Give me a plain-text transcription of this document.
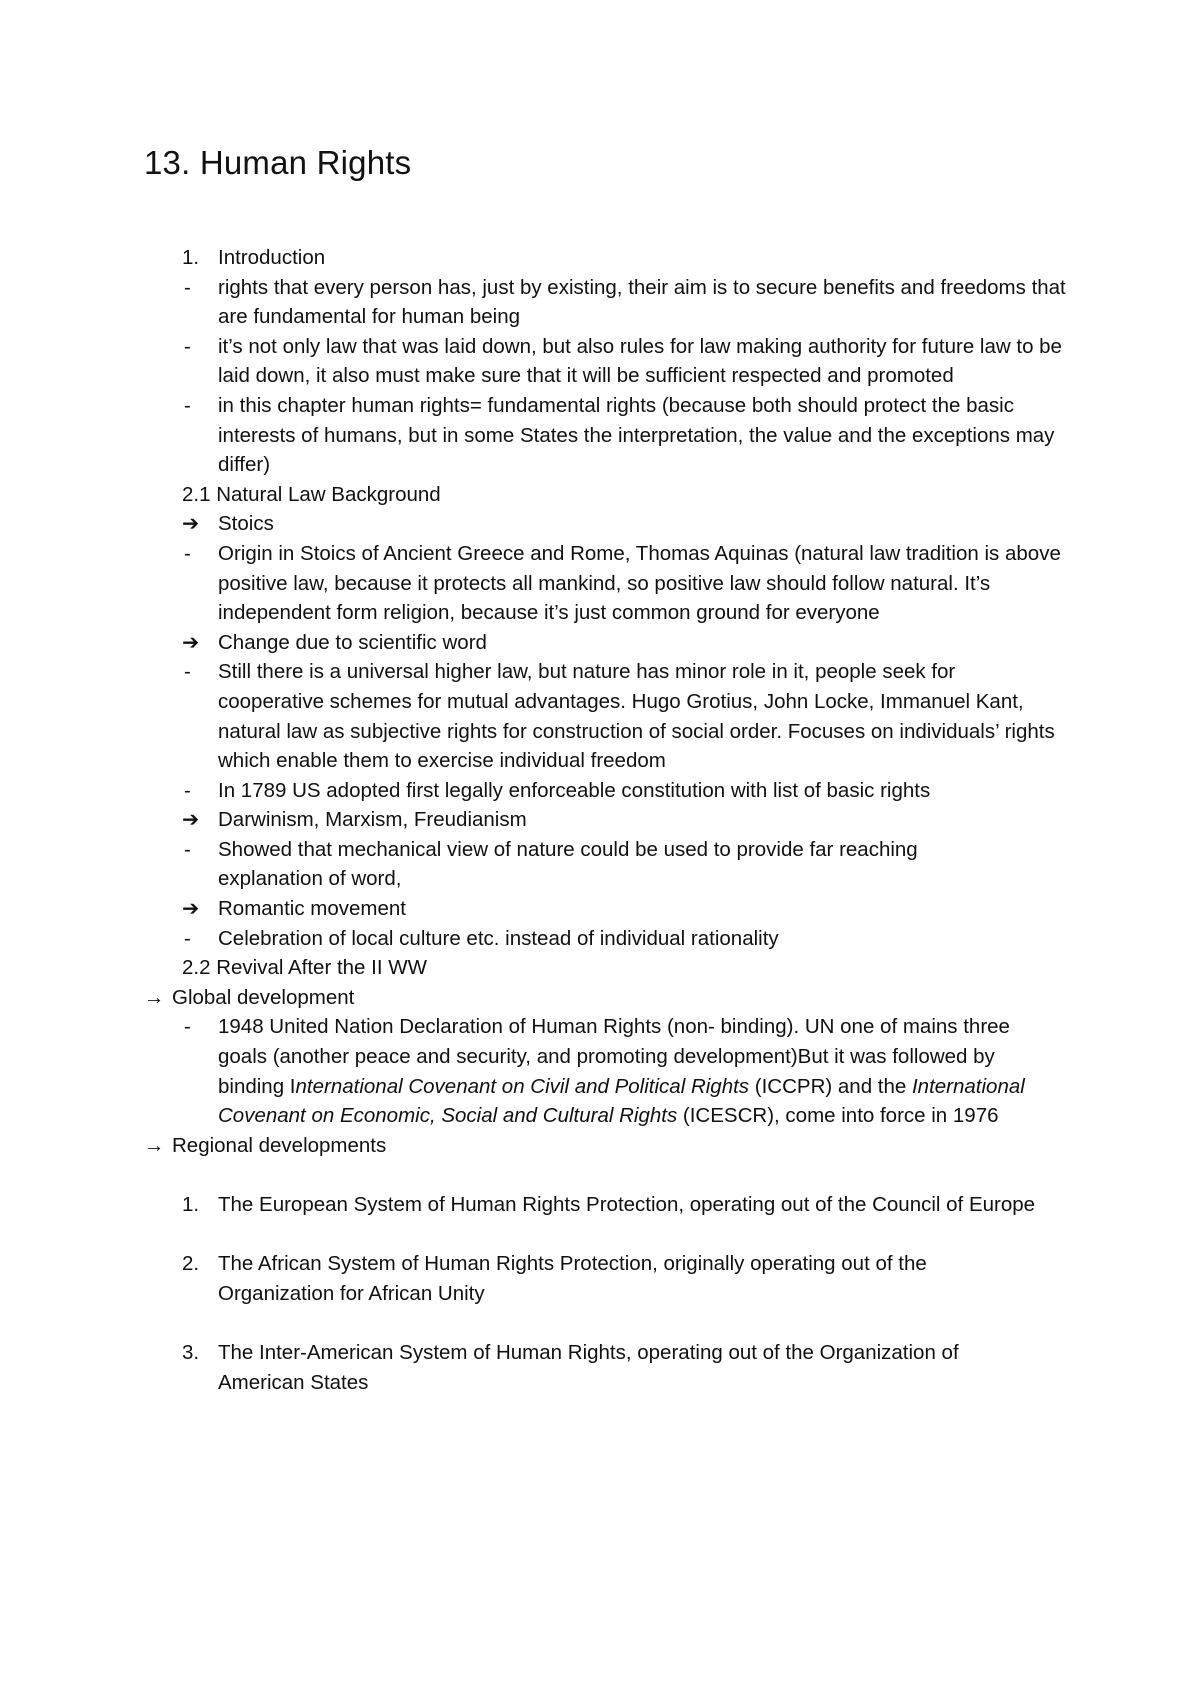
13. Human Rights
1. Introduction
- rights that every person has, just by existing, their aim is to secure benefits and freedoms that are fundamental for human being
- it’s not only law that was laid down, but also rules for law making authority for future law to be laid down, it also must make sure that it will be sufficient respected and promoted
- in this chapter human rights= fundamental rights (because both should protect the basic interests of humans, but in some States the interpretation, the value and the exceptions may differ)
2.1 Natural Law Background
➔ Stoics
- Origin in Stoics of Ancient Greece and Rome, Thomas Aquinas (natural law tradition is above positive law, because it protects all mankind, so positive law should follow natural. It’s independent form religion, because it’s just common ground for everyone
➔ Change due to scientific word
- Still there is a universal higher law, but nature has minor role in it, people seek for cooperative schemes for mutual advantages. Hugo Grotius, John Locke, Immanuel Kant, natural law as subjective rights for construction of social order. Focuses on individuals’ rights which enable them to exercise individual freedom
- In 1789 US adopted first legally enforceable constitution with list of basic rights
➔ Darwinism, Marxism, Freudianism
- Showed that mechanical view of nature could be used to provide far reaching explanation of word,
➔ Romantic movement
- Celebration of local culture etc. instead of individual rationality
2.2 Revival After the II WW
→ Global development
- 1948 United Nation Declaration of Human Rights (non- binding). UN one of mains three goals (another peace and security, and promoting development)But it was followed by binding International Covenant on Civil and Political Rights (ICCPR) and the International Covenant on Economic, Social and Cultural Rights (ICESCR), come into force in 1976
→ Regional developments
1. The European System of Human Rights Protection, operating out of the Council of Europe
2. The African System of Human Rights Protection, originally operating out of the Organization for African Unity
3. The Inter-American System of Human Rights, operating out of the Organization of American States
